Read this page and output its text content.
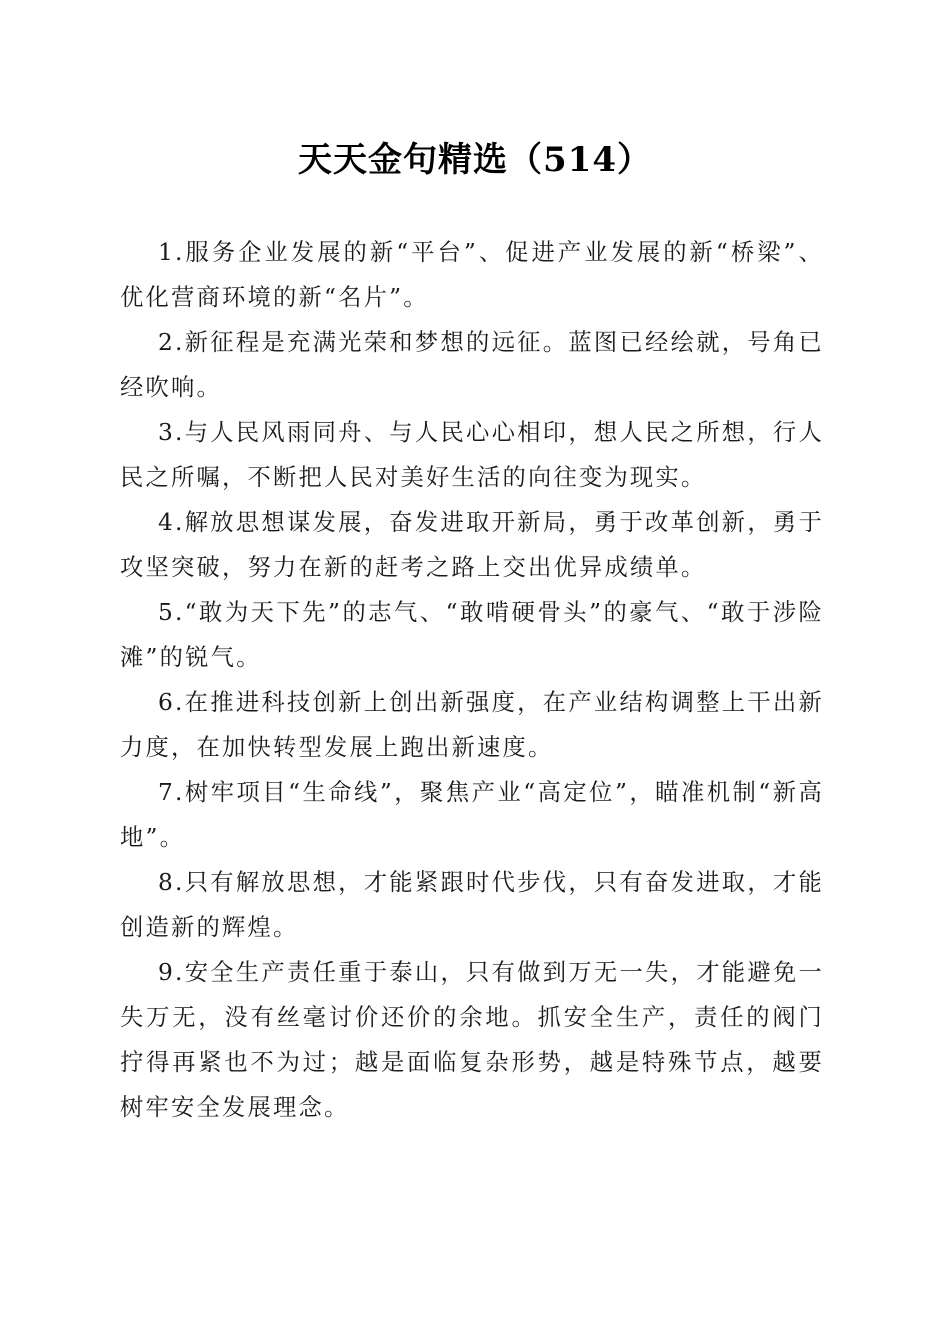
天天金句精选（514）

1.服务企业发展的新“平台”、促进产业发展的新“桥梁”、优化营商环境的新“名片”。

2.新征程是充满光荣和梦想的远征。蓝图已经绘就，号角已经吹响。

3.与人民风雨同舟、与人民心心相印，想人民之所想，行人民之所嘱，不断把人民对美好生活的向往变为现实。

4.解放思想谋发展，奋发进取开新局，勇于改革创新，勇于攻坚突破，努力在新的赶考之路上交出优异成绩单。

5.“敢为天下先”的志气、“敢啃硬骨头”的豪气、“敢于涉险滩”的锐气。

6.在推进科技创新上创出新强度，在产业结构调整上干出新力度，在加快转型发展上跑出新速度。

7.树牢项目“生命线”，聚焦产业“高定位”，瞄准机制“新高地”。

8.只有解放思想，才能紧跟时代步伐，只有奋发进取，才能创造新的辉煌。

9.安全生产责任重于泰山，只有做到万无一失，才能避免一失万无，没有丝毫讨价还价的余地。抓安全生产，责任的阀门拧得再紧也不为过；越是面临复杂形势，越是特殊节点，越要树牢安全发展理念。
